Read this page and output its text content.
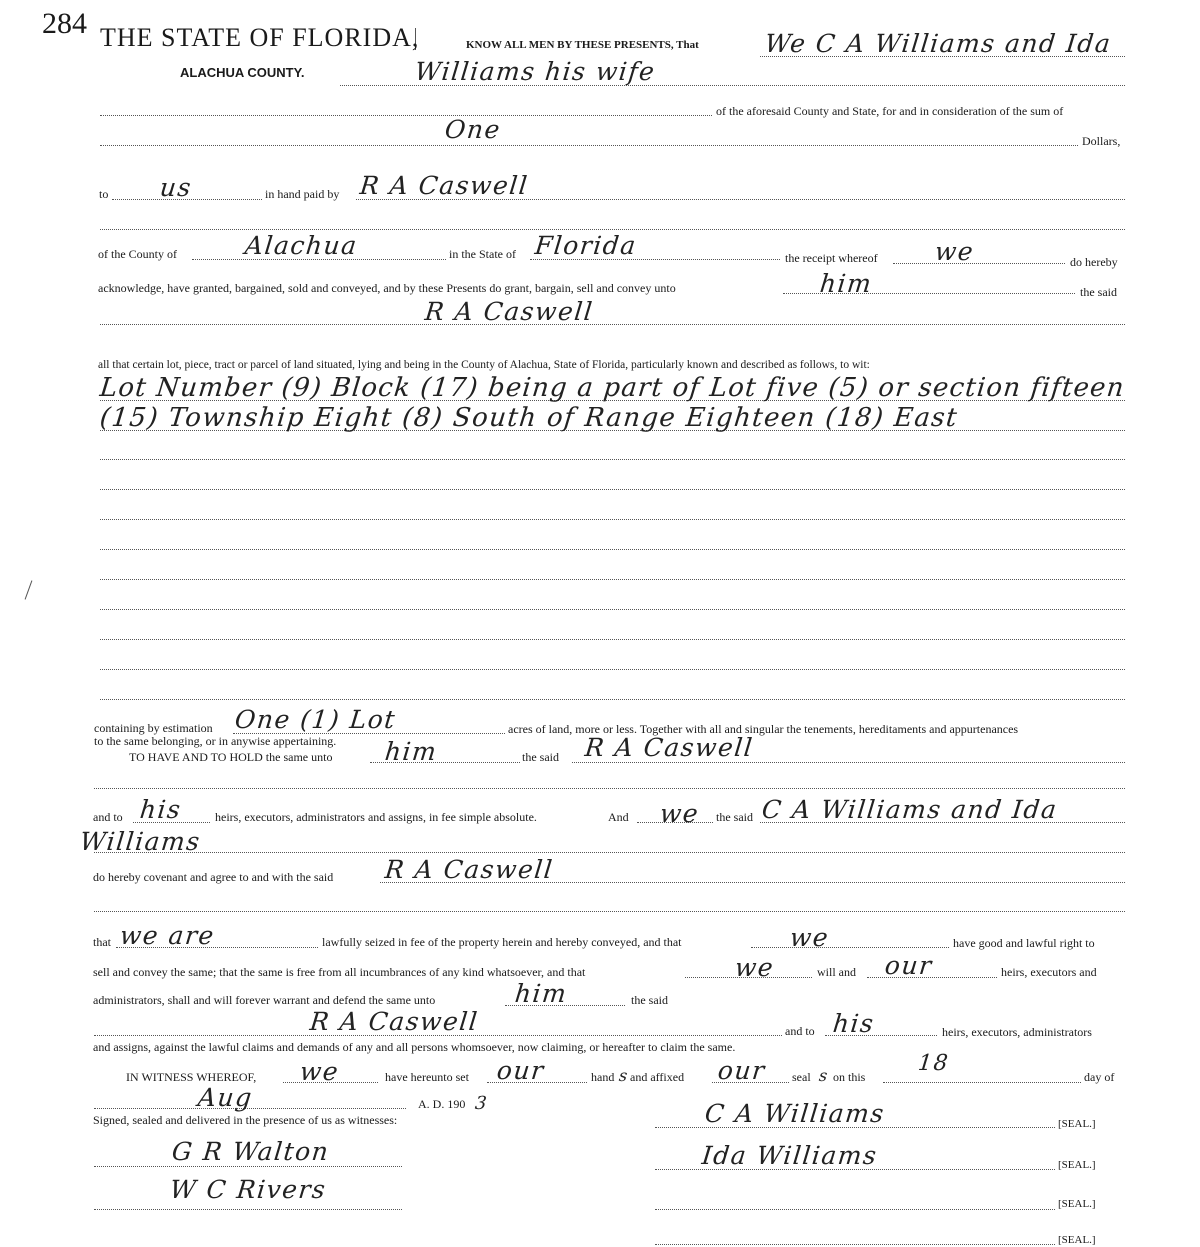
284 THE STATE OF FLORIDA,
ALACHUA COUNTY.
KNOW ALL MEN BY THESE PRESENTS, That	We C A Williams and Ida
Williams his wife
of the aforesaid County and State, for and in consideration of the sum of
One	Dollars,
to us	in hand paid by R A Caswell
of the County of	Alachua	in the State of Florida	the receipt whereof we	do hereby
acknowledge, have granted, bargained, sold and conveyed, and by these Presents do grant, bargain, sell and convey unto	him	the said
R A Caswell
all that certain lot, piece, tract or parcel of land situated, lying and being in the County of Alachua, State of Florida, particularly known and described as follows, to wit:
Lot Number (9) Block (17) being a part of Lot five (5) or section fifteen
(15) Township Eight (8) South of Range Eighteen (18) East
containing by estimation One (1) Lot	acres of land, more or less. Together with all and singular the tenements, hereditaments and appurtenances
to the same belonging, or in anywise appertaining.
TO HAVE AND TO HOLD the same unto him	the said R A Caswell
and to his	heirs, executors, administrators and assigns, in fee simple absolute.	And we the said C A Williams and Ida
Williams
do hereby covenant and agree to and with the said R A Caswell
that we are	lawfully seized in fee of the property herein and hereby conveyed, and that	we	have good and lawful right to
sell and convey the same; that the same is free from all incumbrances of any kind whatsoever, and that	we	will and our	heirs, executors and
administrators, shall and will forever warrant and defend the same unto	him	the said
R A Caswell	and to his	heirs, executors, administrators
and assigns, against the lawful claims and demands of any and all persons whomsoever, now claiming, or hereafter to claim the same.
IN WITNESS WHEREOF, we	have hereunto set our	hand s and affixed our seal s on this
18
day of
Aug	A. D. 190 3
Signed, sealed and delivered in the presence of us as witnesses:
G R Walton
W C Rivers
C A Williams	[SEAL.]
Ida Williams	[SEAL.]
[SEAL.]
[SEAL.]
